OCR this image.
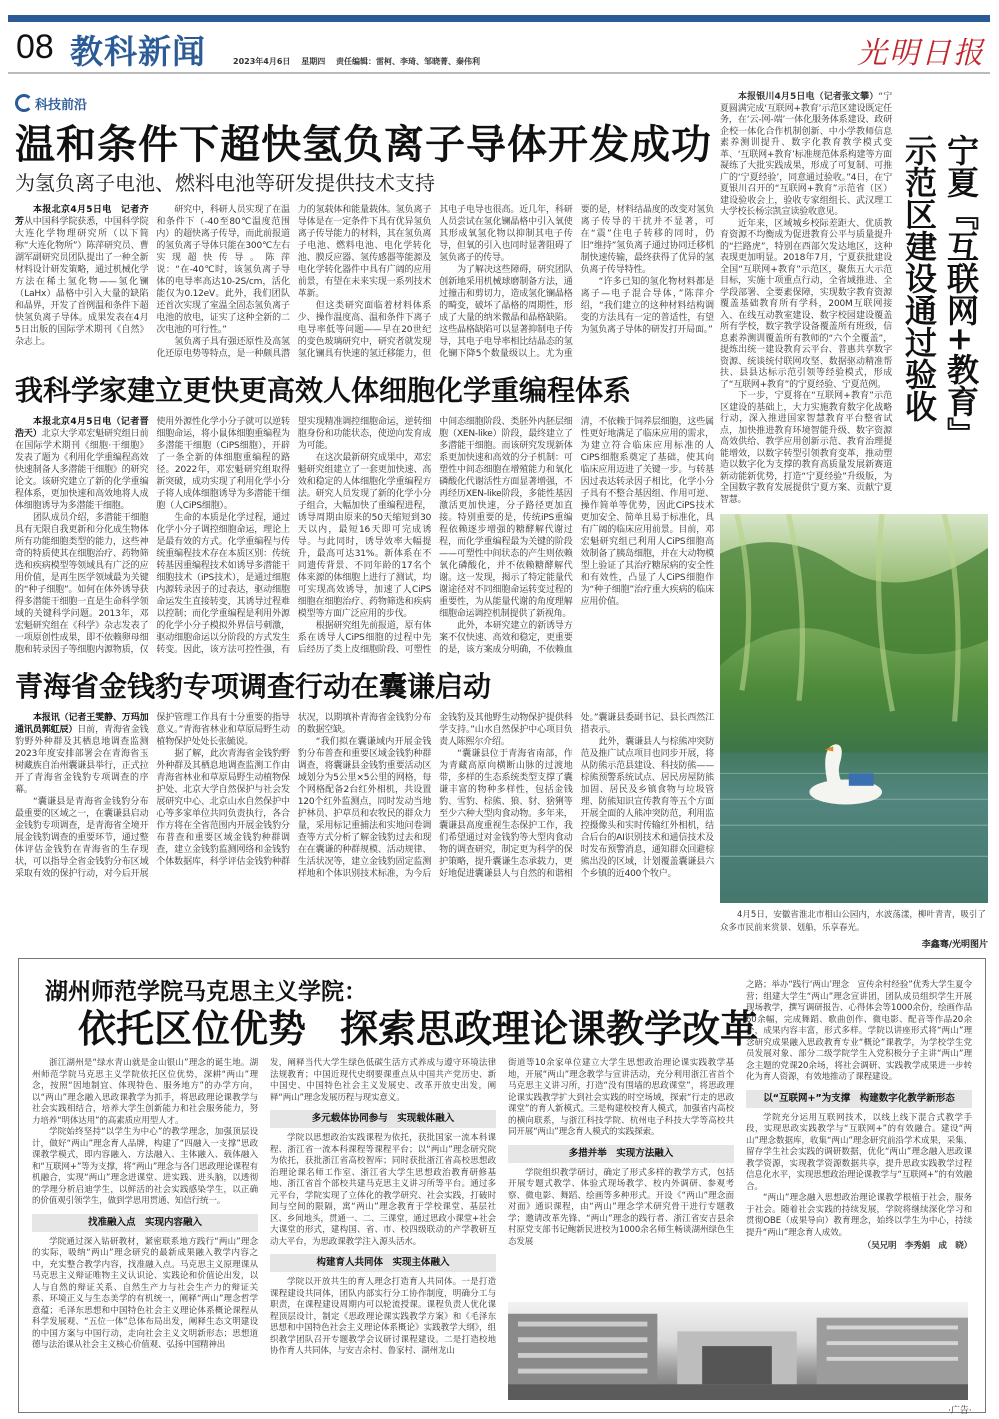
08 教科新闻	2023年4月6日 星期四 责任编辑：雷柯、李琦、邹晓菁、秦伟利	光明日报
科技前沿
温和条件下超快氢负离子导体开发成功
为氢负离子电池、燃料电池等研发提供技术支持

本报北京4月5日电　记者齐芳从中国科学院获悉，中国科学院大连化学物理研究所（以下简称“大连化物所”）陈萍研究员、曹湖军副研究员团队提出了一种全新材料设计研发策略，通过机械化学方法在稀土氢化物——氢化镧（LaHx）晶格中引入大量的缺陷和晶界，开发了首例温和条件下超快氢负离子导体。成果发表在4月5日出版的国际学术期刊《自然》杂志上。

研究中，科研人员实现了在温和条件下（-40至80℃温度范围内）的超快离子传导，而此前报道的氢负离子导体只能在300℃左右实现超快传导。陈萍说：“在-40℃时，该氢负离子导体的电导率高达10-2S/cm，活化能仅为0.12eV。此外，我们团队还首次实现了室温全固态氢负离子电池的放电，证实了这种全新的二次电池的可行性。”

氢负离子具有强还原性及高氢化还原电势等特点，是一种颇具潜力的氢载体和能量载体。氢负离子导体是在一定条件下具有优异氢负离子传导能力的材料，其在氢负离子电池、燃料电池、电化学转化池、膜反应器、氢传感器等能源及电化学转化器件中具有广阔的应用前景，有望在未来实现一系列技术革新。

但这类研究面临着材料体系少、操作温度高、温和条件下离子电导率低等问题——早在20世纪的变色玻璃研究中，研究者就发现氢化镧具有快速的氢迁移能力，但其电子电导也很高。近几年，科研人员尝试在氢化镧晶格中引入氧使其形成氧氢化物以抑制其电子传导，但氧的引入也同时显著阻碍了氢负离子的传导。

为了解决这些障碍，研究团队创新地采用机械球磨制备方法，通过撞击和剪切力，造成氢化镧晶格的畸变，破坏了晶格的周期性，形成了大量的纳米微晶和晶格缺陷。这些晶格缺陷可以显著抑制电子传导，其电子电导率相比结晶态的氢化镧下降5个数量级以上。尤为重要的是，材料结晶度的改变对氢负离子传导的干扰并不显著，可在“震”住电子转移的同时，仍旧“维持”氢负离子通过协同迁移机制快速传输，最终获得了优异的氢负离子传导特性。

“许多已知的氢化物材料都是离子—电子混合导体，”陈萍介绍，“我们建立的这种材料结构调变的方法具有一定的普适性，有望为氢负离子导体的研发打开局面。”

我科学家建立更快更高效人体细胞化学重编程体系

本报北京4月5日电（记者晋浩天）北京大学邓宏魁研究组日前在国际学术期刊《细胞·干细胞》发表了题为《利用化学重编程高效快速制备人多潜能干细胞》的研究论文。该研究建立了新的化学重编程体系，更加快速和高效地将人成体细胞诱导为多潜能干细胞。

团队成员介绍，多潜能干细胞具有无限自我更新和分化成生物体所有功能细胞类型的能力，这些神奇的特质使其在细胞治疗、药物筛选和疾病模型等领域具有广泛的应用价值，是再生医学领域最为关键的“种子细胞”。如何在体外诱导获得多潜能干细胞一直是生命科学领域的关键科学问题。2013年，邓宏魁研究组在《科学》杂志发表了一项原创性成果，即不依赖卵母细胞和转录因子等细胞内源物质，仅使用外源性化学小分子就可以逆转细胞命运，将小鼠体细胞重编程为多潜能干细胞（CiPS细胞），开辟了一条全新的体细胞重编程的路径。2022年，邓宏魁研究组取得新突破，成功实现了利用化学小分子将人成体细胞诱导为多潜能干细胞（人CiPS细胞）。

生命的本质是化学过程，通过化学小分子调控细胞命运，理论上是最有效的方式。化学重编程与传统重编程技术存在本质区别：传统转基因重编程技术如诱导多潜能干细胞技术（iPS技术），是通过细胞内源转录因子的过表达，驱动细胞命运发生直接转变，其诱导过程难以控制；而化学重编程是利用外源的化学小分子模拟外界信号刺激，驱动细胞命运以分阶段的方式发生转变。因此，该方法可控性强，有望实现精准调控细胞命运，逆转细胞身份和功能状态，使逆向发育成为可能。

在这次最新研究成果中，邓宏魁研究组建立了一套更加快速、高效和稳定的人体细胞化学重编程方法。研究人员发现了新的化学小分子组合，大幅加快了重编程进程，诱导周期由原来的50天缩短到30天以内，最短16天即可完成诱导。与此同时，诱导效率大幅提升，最高可达31%。新体系在不同遗传背景、不同年龄的17名个体来源的体细胞上进行了测试，均可实现高效诱导，加速了人CiPS细胞在细胞治疗、药物筛选和疾病模型等方面广泛应用的步伐。

根据研究组先前报道，原有体系在诱导人CiPS细胞的过程中先后经历了类上皮细胞阶段、可塑性中间态细胞阶段、类胚外内胚层细胞（XEN-like）阶段，最终建立了多潜能干细胞。而该研究发现新体系更加快速和高效的分子机制：可塑性中间态细胞在增殖能力和氧化磷酸化代谢活性方面显著增强，不再经历XEN-like阶段，多能性基因激活更加快速，分子路径更加直接。特别重要的是，传统iPS重编程依赖逐步增强的糖酵解代谢过程，而化学重编程最为关键的阶段——可塑性中间状态的产生则依赖氧化磷酸化，并不依赖糖酵解代谢。这一发现，揭示了特定能量代谢途径对不同细胞命运转变过程的重要性，为从能量代谢的角度理解细胞命运调控机制提供了新视角。

此外，本研究建立的新诱导方案不仅快速、高效和稳定，更重要的是，该方案成分明确，不依赖血清，不依赖于饲养层细胞，这些属性更好地满足了临床应用的需求，为建立符合临床应用标准的人CiPS细胞系奠定了基础，使其向临床应用迈进了关键一步。与转基因过表达转录因子相比，化学小分子具有不整合基因组、作用可逆、操作简单等优势，因此CiPS技术更加安全、简单且易于标准化，具有广阔的临床应用前景。目前，邓宏魁研究组已利用人CiPS细胞高效制备了胰岛细胞，并在大动物模型上验证了其治疗糖尿病的安全性和有效性，凸显了人CiPS细胞作为“种子细胞”治疗重大疾病的临床应用价值。

青海省金钱豹专项调查行动在囊谦启动

本报讯（记者王雯静、万玛加　通讯员郭虹辰）日前，青海省金钱豹野外种群及其栖息地调查监测2023年度安排部署会在青海省玉树藏族自治州囊谦县举行，正式拉开了青海省金钱豹专项调查的序幕。

“囊谦县是青海省金钱豹分布最重要的区域之一，在囊谦县启动金钱豹专项调查，是青海省全境开展金钱豹调查的重要环节，通过整体评估金钱豹在青海省的生存现状，可以指导全省金钱豹分布区域采取有效的保护行动，对今后开展保护管理工作具有十分重要的指导意义。”青海省林业和草原局野生动植物保护处处长张毓说。

据了解，此次青海省金钱豹野外种群及其栖息地调查监测工作由青海省林业和草原局野生动植物保护处、北京大学自然保护与社会发展研究中心、北京山水自然保护中心等多家单位共同负责执行，各合作方将在全省范围内开展金钱豹分布普查和重要区域金钱豹种群调查，建立金钱豹监测网络和金钱豹个体数据库，科学评估金钱豹种群状况，以期填补青海省金钱豹分布的数据空缺。

“我们拟在囊谦域内开展金钱豹分布普查和重要区域金钱豹种群调查，将囊谦县金钱豹重要活动区域划分为5公里×5公里的网格，每个网格配备2台红外相机，共设置120个红外监测点，同时发动当地护林员、护草员和农牧民的群众力量，采用标记重捕法和实地问卷调查等方式分析了解金钱豹过去和现在在囊谦的种群规模、活动规律、生活状况等，建立金钱豹固定监测样地和个体识别技术标准，为今后金钱豹及其他野生动物保护提供科学支持。”山水自然保护中心项目负责人陈熙尔介绍。

“囊谦县位于青海省南部，作为青藏高原向横断山脉的过渡地带，多样的生态系统类型支撑了囊谦丰富的物种多样性，包括金钱豹、雪豹、棕熊、狼、豺、猞猁等至少六种大型肉食动物。多年来，囊谦县高度重视生态保护工作，我们希望通过对金钱豹等大型肉食动物的调查研究，制定更为科学的保护策略，提升囊谦生态承载力，更好地促进囊谦县人与自然的和谐相处。”囊谦县委副书记、县长西然江措表示。

此外，囊谦县人与棕熊冲突防范及推广试点项目也同步开展，将从防熊示范县建设、科技防熊——棕熊预警系统试点、居民房屋防熊加固、居民及乡镇食物与垃圾管理、防熊知识宣传教育等五个方面开展全面的人熊冲突防范，利用监控摄像头和实时传输红外相机，结合后台的AI识别技术和通信技术及时发布预警消息，通知群众回避棕熊出没的区域，计划覆盖囊谦县六个乡镇的近400个牧户。

本报银川4月5日电（记者张文攀）“宁夏圆满完成‘互联网+教育’示范区建设既定任务，在‘云-网-端’一体化服务体系建设、政研企校一体化合作机制创新、中小学教师信息素养测训提升、数字化教育教学模式变革、‘互联网+教育’标准规范体系构建等方面凝练了大批实践成果，形成了可复制、可推广的‘宁夏经验’，同意通过验收。”4日，在宁夏银川召开的“互联网+教育”示范省（区）建设验收会上，验收专家组组长、武汉理工大学校长杨宗凯宣读验收意见。

近年来，区域城乡校际差距大、优质教育资源不均衡成为促进教育公平与质量提升的“拦路虎”，特别在西部欠发达地区，这种表现更加明显。2018年7月，宁夏获批建设全国“互联网+教育”示范区，聚焦五大示范目标，实施十项重点行动，全省域推进、全学段部署、全要素保障，实现数字教育资源覆盖基础教育所有学科，200M互联网接入、在线互动教室建设、数字校园建设覆盖所有学校，数字教学设备覆盖所有班级，信息素养测训覆盖所有教师的“六个全覆盖”，提炼出统一建设教育云平台、普惠共享数字资源、统谈统付联网攻坚、数据驱动精准帮扶、县县达标示范引领等经验模式，形成了“互联网+教育”的宁夏经验、宁夏范例。

下一步，宁夏将在“互联网+教育”示范区建设的基础上，大力实施教育数字化战略行动，深入推进国家智慧教育平台整省试点，加快推进教育环境智能升级、数字资源高效供给、教学应用创新示范、教育治理提能增效，以数字转型引领教育变革，推动塑造以数字化为支撑的教育高质量发展新赛道新动能新优势，打造“宁夏经验”升级版，为全国数字教育发展提供宁夏方案、贡献宁夏智慧。

宁夏『互联网+教育』
示范区建设通过验收
4月5日，安徽省淮北市相山公园内，水波荡漾，柳叶青青，吸引了众多市民前来赏景、划船，乐享春光。
李鑫骞/光明图片
湖州师范学院马克思主义学院：
依托区位优势 探索思政理论课教学改革

浙江湖州是“绿水青山就是金山银山”理念的诞生地。湖州师范学院马克思主义学院依托区位优势，深耕“两山”理念，按照“因地制宜、体现特色、服务地方”的办学方向，以“两山”理念融入思政课教学为抓手，将思政理论课教学与社会实践相结合，培养大学生创新能力和社会服务能力，努力培养“明体达用”的高素质应用型人才。

学院始终坚持“以学生为中心”的教学理念，加强顶层设计，做好“两山”理念育人品牌，构建了“四融入一支撑”思政课教学模式，即内容融入、方法融入、主体融入、载体融入和“互联网+”等为支撑，将“两山”理念与各门思政理论课程有机融合，实现“两山”理念进课堂、进实践、进头脑，以透彻的学理分析启迪学生，以鲜活的社会实践感染学生，以正确的价值观引领学生，做到学思用贯通、知信行统一。

找准融入点　实现内容融入

学院通过深入钻研教材，紧密联系地方践行“两山”理念的实际，吸纳“两山”理念研究的最新成果融入教学内容之中，充实整合教学内容，找准融入点。马克思主义原理课从马克思主义辩证唯物主义认识论、实践论和价值论出发，以人与自然的辩证关系、自然生产力与社会生产力的辩证关系、环境正义与生态美学的有机统一，阐释“两山”理念哲学意蕴；毛泽东思想和中国特色社会主义理论体系概论课程从科学发展观、“五位一体”总体布局出发，阐释生态文明建设的中国方案与中国行动，走向社会主义文明新形态；思想道德与法治课从社会主义核心价值观、弘扬中国精神出

发，阐释当代大学生绿色低碳生活方式养成与遵守环境法律法规教育；中国近现代史纲要课重点从中国共产党历史、新中国史、中国特色社会主义发展史、改革开放史出发，阐释“两山”理念发展历程与现实意义。

多元载体协同参与　实现载体融入

学院以思想政治实践课程为依托，获批国家一流本科课程、浙江省一流本科课程等课程平台；以“两山”理念研究院为依托，获批浙江省高校智库；同时获批浙江省高校思想政治理论课名师工作室、浙江省大学生思想政治教育研修基地、浙江省首个部校共建马克思主义讲习所等平台。通过多元平台，学院实现了立体化的教学研究、社会实践，打破时间与空间的限隔，寓“两山”理念教育于学校课堂、基层社区、乡间地头，贯通一、二、三课堂，通过思政小课堂+社会大课堂的形式，建构国、省、市、校四级联动的产学教研互动大平台，为思政课教学注入源头活水。

构建育人共同体　实现主体融入

学院以开放共生的育人理念打造育人共同体。一是打造课程建设共同体，团队内部实行分工协作制度，明确分工与职责，在课程建设周期内可以轮流授课。课程负责人优化课程顶层设计，制定《思政理论课实践教学方案》和《毛泽东思想和中国特色社会主义理论体系概论》实践教学大纲》，组织教学团队召开专题教学会议研讨课程建设。二是打造校地协作育人共同体，与安吉余村、鲁家村、湖州龙山

街道等10余家单位建立大学生思想政治理论课实践教学基地，开展“两山”理念教学与宣讲活动，充分利用浙江省首个马克思主义讲习所，打造“没有围墙的思政课堂”，将思政理论课实践教学扩大到社会实践的时空场域，探索“行走的思政课堂”的育人新模式。三是构建校校育人模式，加强省内高校的横向联系，与浙江科技学院、杭州电子科技大学等高校共同开展“两山”理念育人模式的实践探索。

多措并举　实现方法融入

学院组织教学研讨，确定了形式多样的教学方式，包括开展专题式教学、体验式现场教学、校内外调研、参观考察、微电影、舞蹈、绘画等多种形式。开设《“两山”理念面对面》通识课程，由“两山”理念学术研究骨干进行专题教学；邀请改革先锋、“两山”理念的践行者、浙江省安吉县余村原党支部书记鲍新民进校为1000余名师生畅谈湖州绿色生态发展

之路；举办“践行‘两山’理念　宣传余村经验”优秀大学生夏令营；组建大学生“两山”理念宣讲团，团队成员组织学生开展现场教学，撰写调研报告、心得体会等1000余份，绘画作品60余幅，完成舞蹈、歌曲创作、微电影、配音等作品20余个，成果内容丰富，形式多样。学院以讲座形式将“两山”理念研究成果融入思政教育专业“概论”课教学，为学校学生党员发展对象、部分二级学院学生入党积极分子主讲“两山”理念主题的党课20余场，将社会调研、实践教学成果进一步转化为育人资源，有效地推动了课程建设。

以“互联网+”为支撑　构建数字化教学新形态

学院充分运用互联网技术，以线上线下混合式教学手段，实现思政实践教学与“互联网+”的有效融合。建设“两山”理念数据库，收集“两山”理念研究前沿学术成果，采集、留存学生社会实践的调研数据，优化“两山”理念融入思政课教学资源，实现教学资源数据共享，提升思政实践教学过程信息化水平，实现思想政治理论课教学与“互联网+”的有效融合。

“两山”理念融入思想政治理论课教学根植于社会，服务于社会。随着社会实践的持续发展，学院将继续深化学习和贯彻OBE（成果导向）教育理念，始终以学生为中心，持续提升“两山”理念育人成效。

（吴兄明　李秀娟　成　晓）

·广告·
